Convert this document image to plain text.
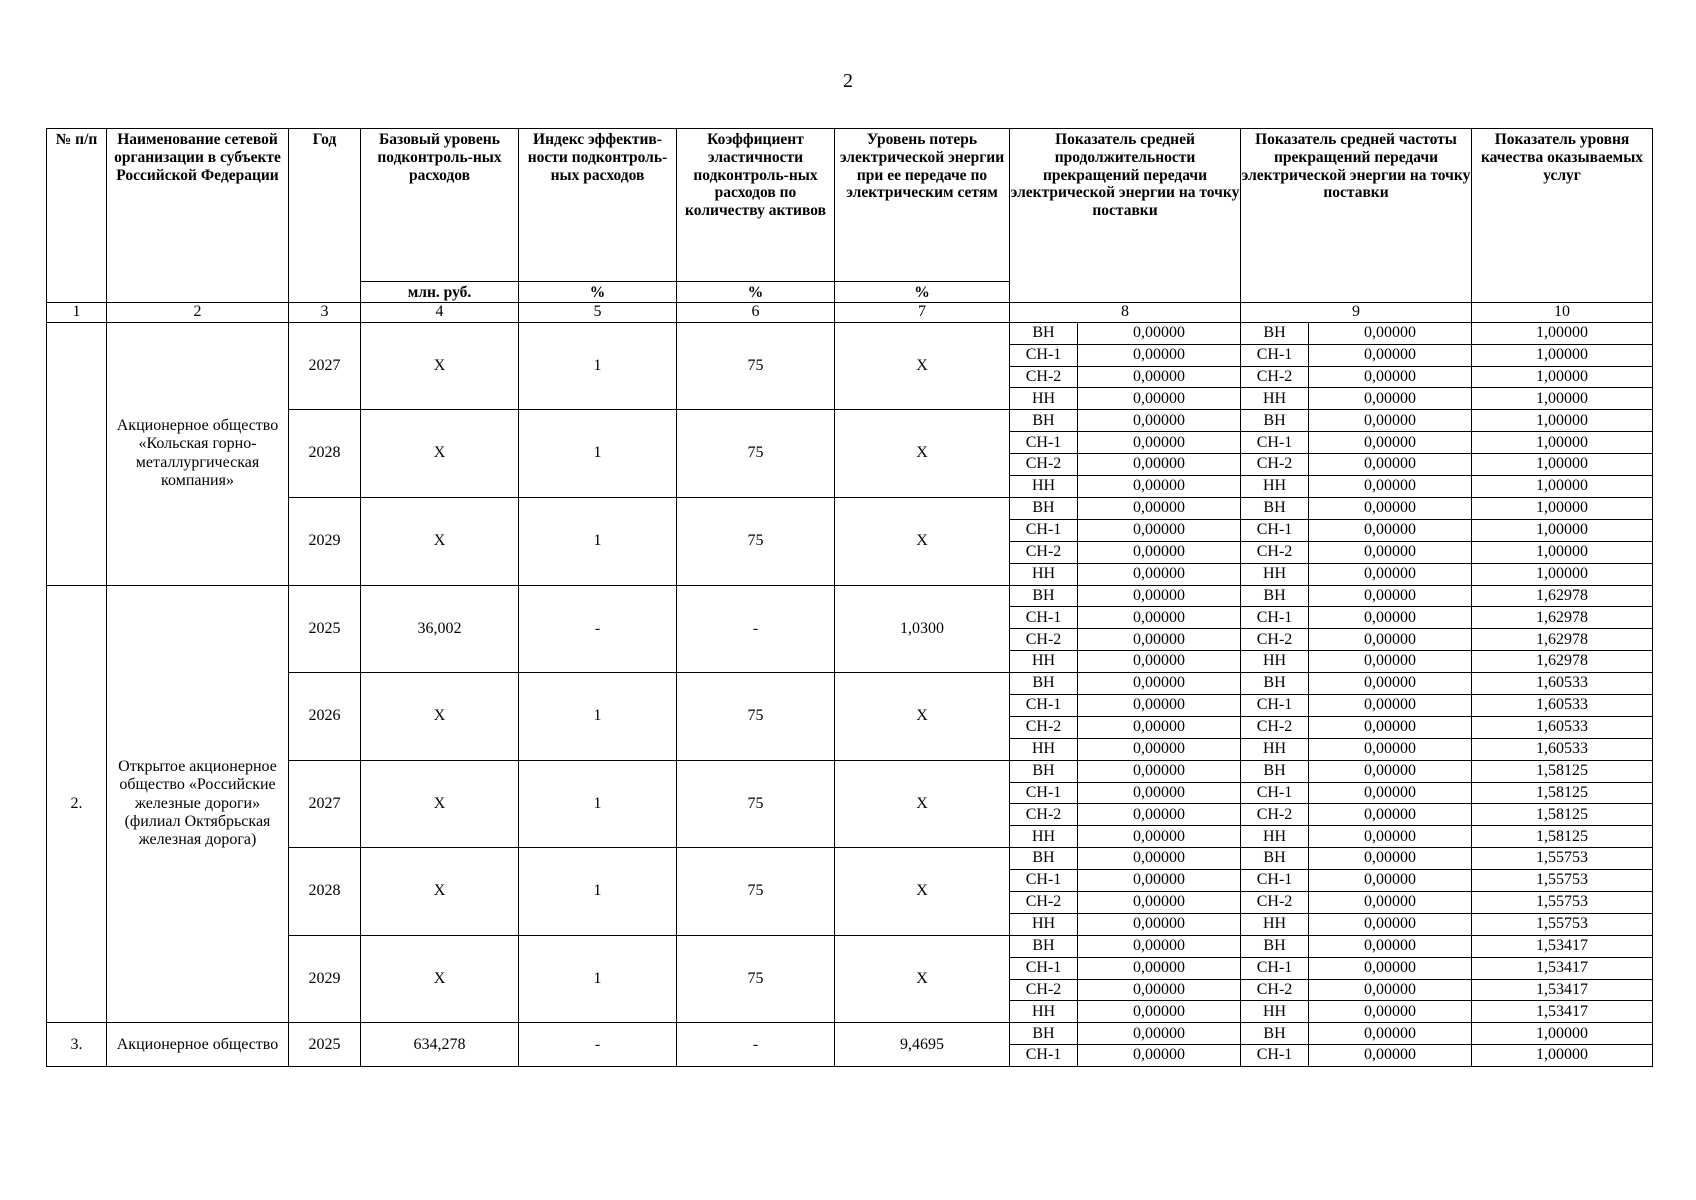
2
№ п/п	Наименование сетевой организации в субъекте Российской Федерации	Год	Базовый уровень подконтроль-ных расходов	Индекс эффектив-ности подконтроль-ных расходов	Коэффициент эластичности подконтроль-ных расходов по количеству активов	Уровень потерь электрической энергии при ее передаче по электрическим сетям	Показатель средней продолжительности прекращений передачи электрической энергии на точку поставки		Показатель средней частоты прекращений передачи электрической энергии на точку поставки		Показатель уровня качества оказываемых услуг
			млн. руб.	%	%	%					
1	2	3	4	5	6	7	8		9		10
	Акционерное общество «Кольская горно-металлургическая компания»	2027	X	1	75	X	ВН	0,00000	ВН	0,00000	1,00000
							СН-1	0,00000	СН-1	0,00000	1,00000
							СН-2	0,00000	СН-2	0,00000	1,00000
							НН	0,00000	НН	0,00000	1,00000
		2028	X	1	75	X	ВН	0,00000	ВН	0,00000	1,00000
							СН-1	0,00000	СН-1	0,00000	1,00000
							СН-2	0,00000	СН-2	0,00000	1,00000
							НН	0,00000	НН	0,00000	1,00000
		2029	X	1	75	X	ВН	0,00000	ВН	0,00000	1,00000
							СН-1	0,00000	СН-1	0,00000	1,00000
							СН-2	0,00000	СН-2	0,00000	1,00000
							НН	0,00000	НН	0,00000	1,00000
2.	Открытое акционерное общество «Российские железные дороги» (филиал Октябрьская железная дорога)	2025	36,002	-	-	1,0300	ВН	0,00000	ВН	0,00000	1,62978
							СН-1	0,00000	СН-1	0,00000	1,62978
							СН-2	0,00000	СН-2	0,00000	1,62978
							НН	0,00000	НН	0,00000	1,62978
		2026	X	1	75	X	ВН	0,00000	ВН	0,00000	1,60533
							СН-1	0,00000	СН-1	0,00000	1,60533
							СН-2	0,00000	СН-2	0,00000	1,60533
							НН	0,00000	НН	0,00000	1,60533
		2027	X	1	75	X	ВН	0,00000	ВН	0,00000	1,58125
							СН-1	0,00000	СН-1	0,00000	1,58125
							СН-2	0,00000	СН-2	0,00000	1,58125
							НН	0,00000	НН	0,00000	1,58125
		2028	X	1	75	X	ВН	0,00000	ВН	0,00000	1,55753
							СН-1	0,00000	СН-1	0,00000	1,55753
							СН-2	0,00000	СН-2	0,00000	1,55753
							НН	0,00000	НН	0,00000	1,55753
		2029	X	1	75	X	ВН	0,00000	ВН	0,00000	1,53417
							СН-1	0,00000	СН-1	0,00000	1,53417
							СН-2	0,00000	СН-2	0,00000	1,53417
							НН	0,00000	НН	0,00000	1,53417
3.	Акционерное общество	2025	634,278	-	-	9,4695	ВН	0,00000	ВН	0,00000	1,00000
							СН-1	0,00000	СН-1	0,00000	1,00000
